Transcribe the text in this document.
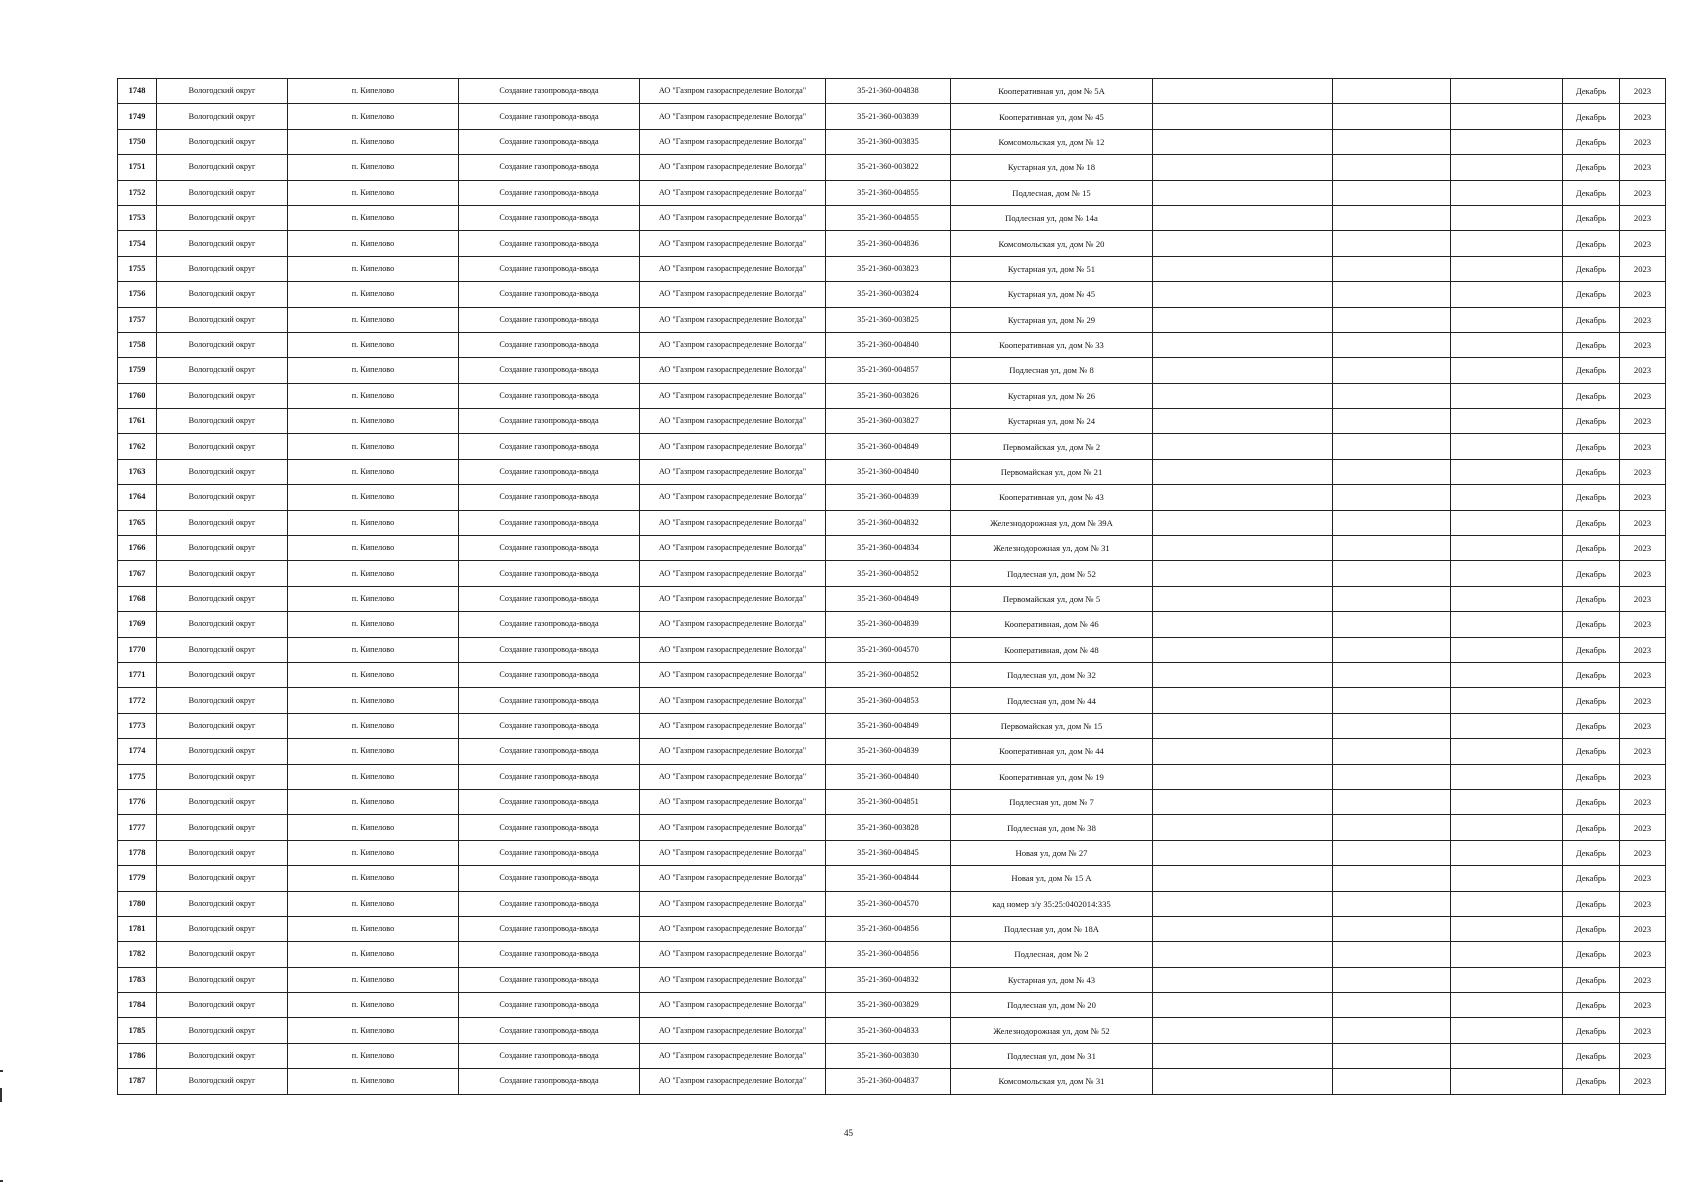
1748	Вологодский округ	п. Кипелово	Создание газопровода-ввода	АО "Газпром газораспределение Вологда"	35-21-360-004838	Кооперативная ул, дом № 5А				Декабрь	2023
1749	Вологодский округ	п. Кипелово	Создание газопровода-ввода	АО "Газпром газораспределение Вологда"	35-21-360-003839	Кооперативная ул, дом № 45				Декабрь	2023
1750	Вологодский округ	п. Кипелово	Создание газопровода-ввода	АО "Газпром газораспределение Вологда"	35-21-360-003835	Комсомольская ул, дом № 12				Декабрь	2023
1751	Вологодский округ	п. Кипелово	Создание газопровода-ввода	АО "Газпром газораспределение Вологда"	35-21-360-003822	Кустарная ул, дом № 18				Декабрь	2023
1752	Вологодский округ	п. Кипелово	Создание газопровода-ввода	АО "Газпром газораспределение Вологда"	35-21-360-004855	Подлесная, дом № 15				Декабрь	2023
1753	Вологодский округ	п. Кипелово	Создание газопровода-ввода	АО "Газпром газораспределение Вологда"	35-21-360-004855	Подлесная ул, дом № 14а				Декабрь	2023
1754	Вологодский округ	п. Кипелово	Создание газопровода-ввода	АО "Газпром газораспределение Вологда"	35-21-360-004836	Комсомольская ул, дом № 20				Декабрь	2023
1755	Вологодский округ	п. Кипелово	Создание газопровода-ввода	АО "Газпром газораспределение Вологда"	35-21-360-003823	Кустарная ул, дом № 51				Декабрь	2023
1756	Вологодский округ	п. Кипелово	Создание газопровода-ввода	АО "Газпром газораспределение Вологда"	35-21-360-003824	Кустарная ул, дом № 45				Декабрь	2023
1757	Вологодский округ	п. Кипелово	Создание газопровода-ввода	АО "Газпром газораспределение Вологда"	35-21-360-003825	Кустарная ул, дом № 29				Декабрь	2023
1758	Вологодский округ	п. Кипелово	Создание газопровода-ввода	АО "Газпром газораспределение Вологда"	35-21-360-004840	Кооперативная ул, дом № 33				Декабрь	2023
1759	Вологодский округ	п. Кипелово	Создание газопровода-ввода	АО "Газпром газораспределение Вологда"	35-21-360-004857	Подлесная ул, дом № 8				Декабрь	2023
1760	Вологодский округ	п. Кипелово	Создание газопровода-ввода	АО "Газпром газораспределение Вологда"	35-21-360-003826	Кустарная ул, дом № 26				Декабрь	2023
1761	Вологодский округ	п. Кипелово	Создание газопровода-ввода	АО "Газпром газораспределение Вологда"	35-21-360-003827	Кустарная ул, дом № 24				Декабрь	2023
1762	Вологодский округ	п. Кипелово	Создание газопровода-ввода	АО "Газпром газораспределение Вологда"	35-21-360-004849	Первомайская ул, дом № 2				Декабрь	2023
1763	Вологодский округ	п. Кипелово	Создание газопровода-ввода	АО "Газпром газораспределение Вологда"	35-21-360-004840	Первомайская ул, дом № 21				Декабрь	2023
1764	Вологодский округ	п. Кипелово	Создание газопровода-ввода	АО "Газпром газораспределение Вологда"	35-21-360-004839	Кооперативная ул, дом № 43				Декабрь	2023
1765	Вологодский округ	п. Кипелово	Создание газопровода-ввода	АО "Газпром газораспределение Вологда"	35-21-360-004832	Железнодорожная ул, дом № 39А				Декабрь	2023
1766	Вологодский округ	п. Кипелово	Создание газопровода-ввода	АО "Газпром газораспределение Вологда"	35-21-360-004834	Железнодорожная ул, дом № 31				Декабрь	2023
1767	Вологодский округ	п. Кипелово	Создание газопровода-ввода	АО "Газпром газораспределение Вологда"	35-21-360-004852	Подлесная ул, дом № 52				Декабрь	2023
1768	Вологодский округ	п. Кипелово	Создание газопровода-ввода	АО "Газпром газораспределение Вологда"	35-21-360-004849	Первомайская ул, дом № 5				Декабрь	2023
1769	Вологодский округ	п. Кипелово	Создание газопровода-ввода	АО "Газпром газораспределение Вологда"	35-21-360-004839	Кооперативная, дом № 46				Декабрь	2023
1770	Вологодский округ	п. Кипелово	Создание газопровода-ввода	АО "Газпром газораспределение Вологда"	35-21-360-004570	Кооперативная, дом № 48				Декабрь	2023
1771	Вологодский округ	п. Кипелово	Создание газопровода-ввода	АО "Газпром газораспределение Вологда"	35-21-360-004852	Подлесная ул, дом № 32				Декабрь	2023
1772	Вологодский округ	п. Кипелово	Создание газопровода-ввода	АО "Газпром газораспределение Вологда"	35-21-360-004853	Подлесная ул, дом № 44				Декабрь	2023
1773	Вологодский округ	п. Кипелово	Создание газопровода-ввода	АО "Газпром газораспределение Вологда"	35-21-360-004849	Первомайская ул, дом № 15				Декабрь	2023
1774	Вологодский округ	п. Кипелово	Создание газопровода-ввода	АО "Газпром газораспределение Вологда"	35-21-360-004839	Кооперативная ул, дом № 44				Декабрь	2023
1775	Вологодский округ	п. Кипелово	Создание газопровода-ввода	АО "Газпром газораспределение Вологда"	35-21-360-004840	Кооперативная ул, дом № 19				Декабрь	2023
1776	Вологодский округ	п. Кипелово	Создание газопровода-ввода	АО "Газпром газораспределение Вологда"	35-21-360-004851	Подлесная ул, дом № 7				Декабрь	2023
1777	Вологодский округ	п. Кипелово	Создание газопровода-ввода	АО "Газпром газораспределение Вологда"	35-21-360-003828	Подлесная ул, дом № 38				Декабрь	2023
1778	Вологодский округ	п. Кипелово	Создание газопровода-ввода	АО "Газпром газораспределение Вологда"	35-21-360-004845	Новая ул, дом № 27				Декабрь	2023
1779	Вологодский округ	п. Кипелово	Создание газопровода-ввода	АО "Газпром газораспределение Вологда"	35-21-360-004844	Новая ул, дом № 15 А				Декабрь	2023
1780	Вологодский округ	п. Кипелово	Создание газопровода-ввода	АО "Газпром газораспределение Вологда"	35-21-360-004570	кад номер з/у 35:25:0402014:335				Декабрь	2023
1781	Вологодский округ	п. Кипелово	Создание газопровода-ввода	АО "Газпром газораспределение Вологда"	35-21-360-004856	Подлесная ул, дом № 18А				Декабрь	2023
1782	Вологодский округ	п. Кипелово	Создание газопровода-ввода	АО "Газпром газораспределение Вологда"	35-21-360-004856	Подлесная, дом № 2				Декабрь	2023
1783	Вологодский округ	п. Кипелово	Создание газопровода-ввода	АО "Газпром газораспределение Вологда"	35-21-360-004832	Кустарная ул, дом № 43				Декабрь	2023
1784	Вологодский округ	п. Кипелово	Создание газопровода-ввода	АО "Газпром газораспределение Вологда"	35-21-360-003829	Подлесная ул, дом № 20				Декабрь	2023
1785	Вологодский округ	п. Кипелово	Создание газопровода-ввода	АО "Газпром газораспределение Вологда"	35-21-360-004833	Железнодорожная ул, дом № 52				Декабрь	2023
1786	Вологодский округ	п. Кипелово	Создание газопровода-ввода	АО "Газпром газораспределение Вологда"	35-21-360-003830	Подлесная ул, дом № 31				Декабрь	2023
1787	Вологодский округ	п. Кипелово	Создание газопровода-ввода	АО "Газпром газораспределение Вологда"	35-21-360-004837	Комсомольская ул, дом № 31				Декабрь	2023
45
